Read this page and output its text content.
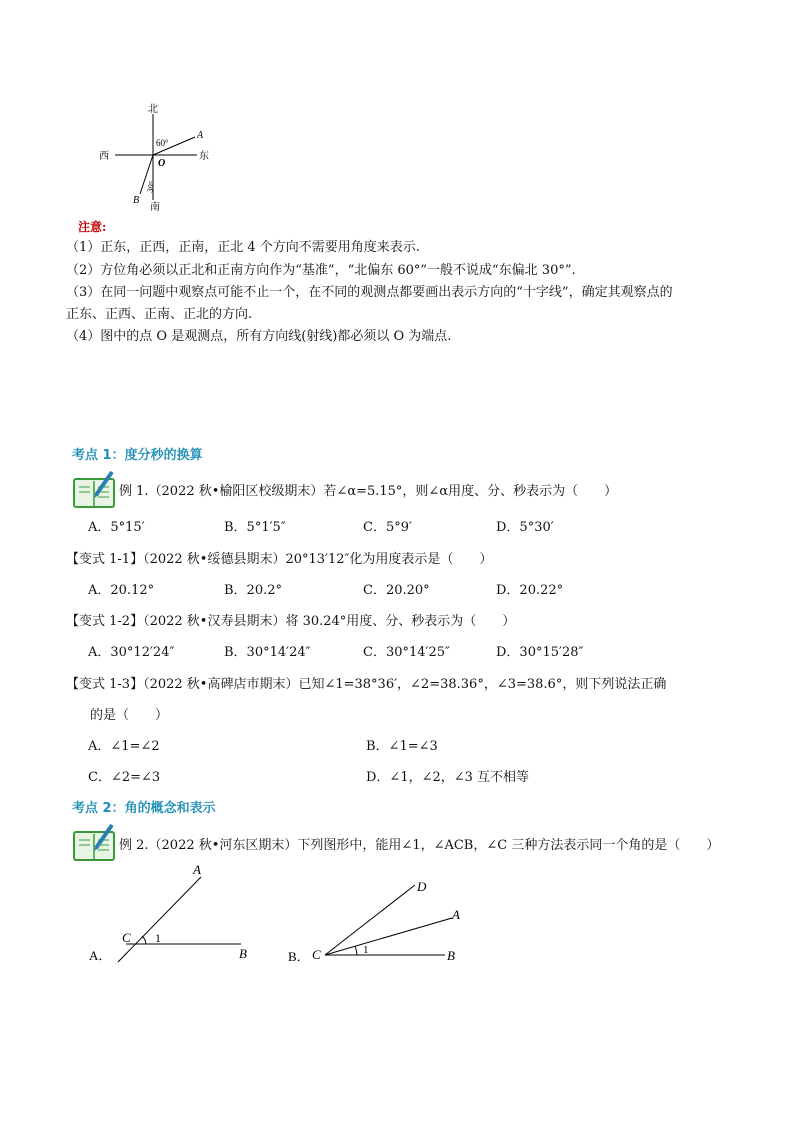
北
南
西	东
O
A
B
60°
30°
注意:
（1）正东，正西，正南，正北 4 个方向不需要用角度来表示.
（2）方位角必须以正北和正南方向作为“基准”，“北偏东 60°”一般不说成“东偏北 30°”.
（3）在同一问题中观察点可能不止一个，在不同的观测点都要画出表示方向的“十字线”，确定其观察点的
正东、正西、正南、正北的方向.
（4）图中的点 O 是观测点，所有方向线(射线)都必须以 O 为端点.
考点 1：度分秒的换算
例 1.（2022 秋•榆阳区校级期末）若∠α=5.15°，则∠α用度、分、秒表示为（　　）
A．5°15′	B．5°1′5″	C．5°9′	D．5°30′
【变式 1-1】（2022 秋•绥德县期末）20°13′12″化为用度表示是（　　）
A．20.12°	B．20.2°	C．20.20°	D．20.22°
【变式 1-2】（2022 秋•汉寿县期末）将 30.24°用度、分、秒表示为（　　）
A．30°12′24″	B．30°14′24″	C．30°14′25″	D．30°15′28″
【变式 1-3】（2022 秋•高碑店市期末）已知∠1=38°36′，∠2=38.36°，∠3=38.6°，则下列说法正确
的是（　　）
A．∠1=∠2	B．∠1=∠3
C．∠2=∠3	D．∠1，∠2，∠3 互不相等
考点 2：角的概念和表示
例 2.（2022 秋•河东区期末）下列图形中，能用∠1，∠ACB，∠C 三种方法表示同一个角的是（　　）
A．
A
B
C 1
B． C
D
A
B
1
